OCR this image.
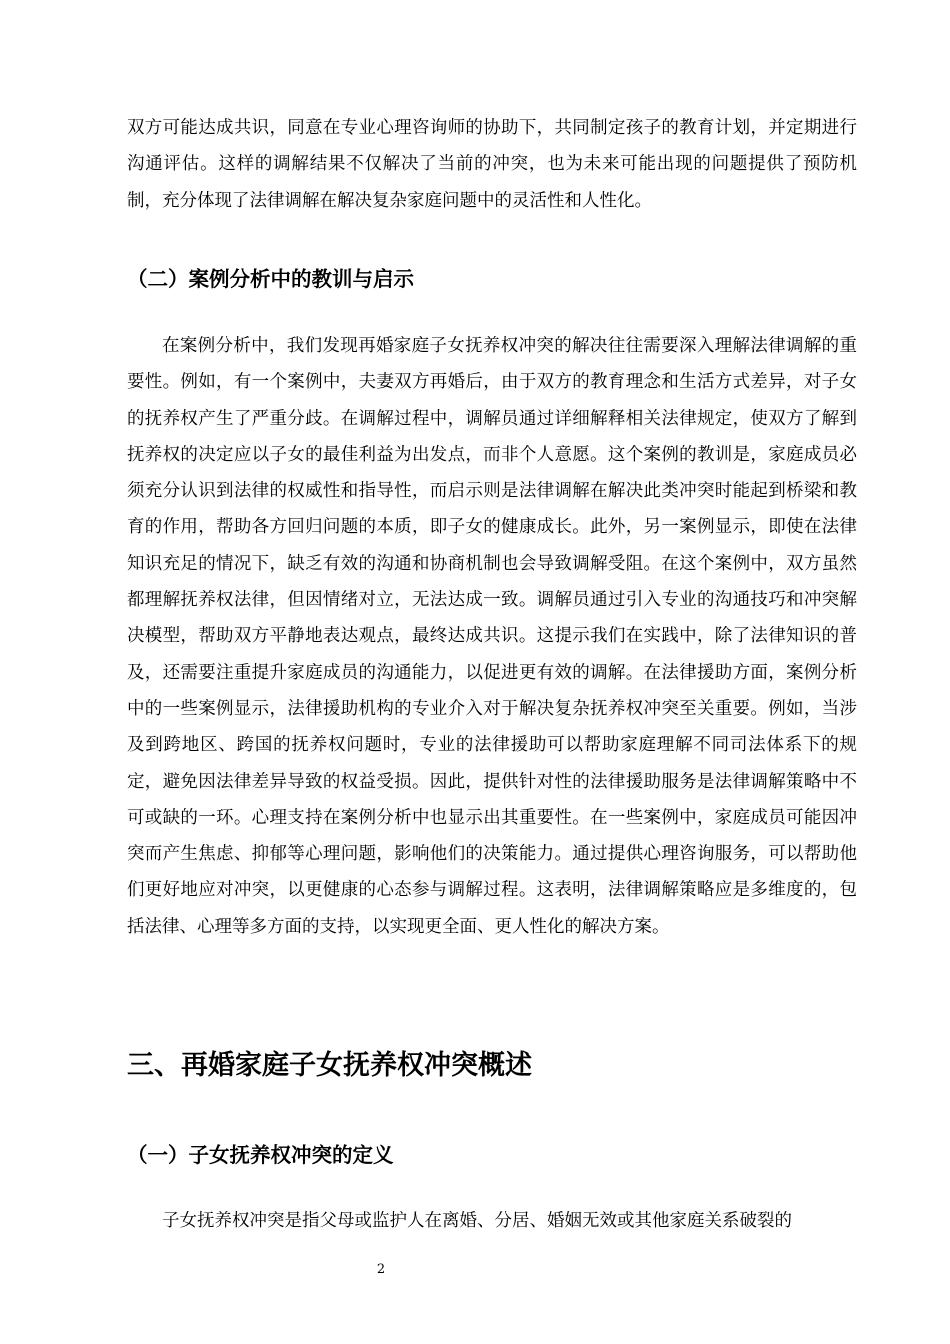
双方可能达成共识，同意在专业心理咨询师的协助下，共同制定孩子的教育计划，并定期进行沟通评估。这样的调解结果不仅解决了当前的冲突，也为未来可能出现的问题提供了预防机制，充分体现了法律调解在解决复杂家庭问题中的灵活性和人性化。

（二）案例分析中的教训与启示

在案例分析中，我们发现再婚家庭子女抚养权冲突的解决往往需要深入理解法律调解的重要性。例如，有一个案例中，夫妻双方再婚后，由于双方的教育理念和生活方式差异，对子女的抚养权产生了严重分歧。在调解过程中，调解员通过详细解释相关法律规定，使双方了解到抚养权的决定应以子女的最佳利益为出发点，而非个人意愿。这个案例的教训是，家庭成员必须充分认识到法律的权威性和指导性，而启示则是法律调解在解决此类冲突时能起到桥梁和教育的作用，帮助各方回归问题的本质，即子女的健康成长。此外，另一案例显示，即使在法律知识充足的情况下，缺乏有效的沟通和协商机制也会导致调解受阻。在这个案例中，双方虽然都理解抚养权法律，但因情绪对立，无法达成一致。调解员通过引入专业的沟通技巧和冲突解决模型，帮助双方平静地表达观点，最终达成共识。这提示我们在实践中，除了法律知识的普及，还需要注重提升家庭成员的沟通能力，以促进更有效的调解。在法律援助方面，案例分析中的一些案例显示，法律援助机构的专业介入对于解决复杂抚养权冲突至关重要。例如，当涉及到跨地区、跨国的抚养权问题时，专业的法律援助可以帮助家庭理解不同司法体系下的规定，避免因法律差异导致的权益受损。因此，提供针对性的法律援助服务是法律调解策略中不可或缺的一环。心理支持在案例分析中也显示出其重要性。在一些案例中，家庭成员可能因冲突而产生焦虑、抑郁等心理问题，影响他们的决策能力。通过提供心理咨询服务，可以帮助他们更好地应对冲突，以更健康的心态参与调解过程。这表明，法律调解策略应是多维度的，包括法律、心理等多方面的支持，以实现更全面、更人性化的解决方案。

三、再婚家庭子女抚养权冲突概述
（一）子女抚养权冲突的定义

子女抚养权冲突是指父母或监护人在离婚、分居、婚姻无效或其他家庭关系破裂的

2
